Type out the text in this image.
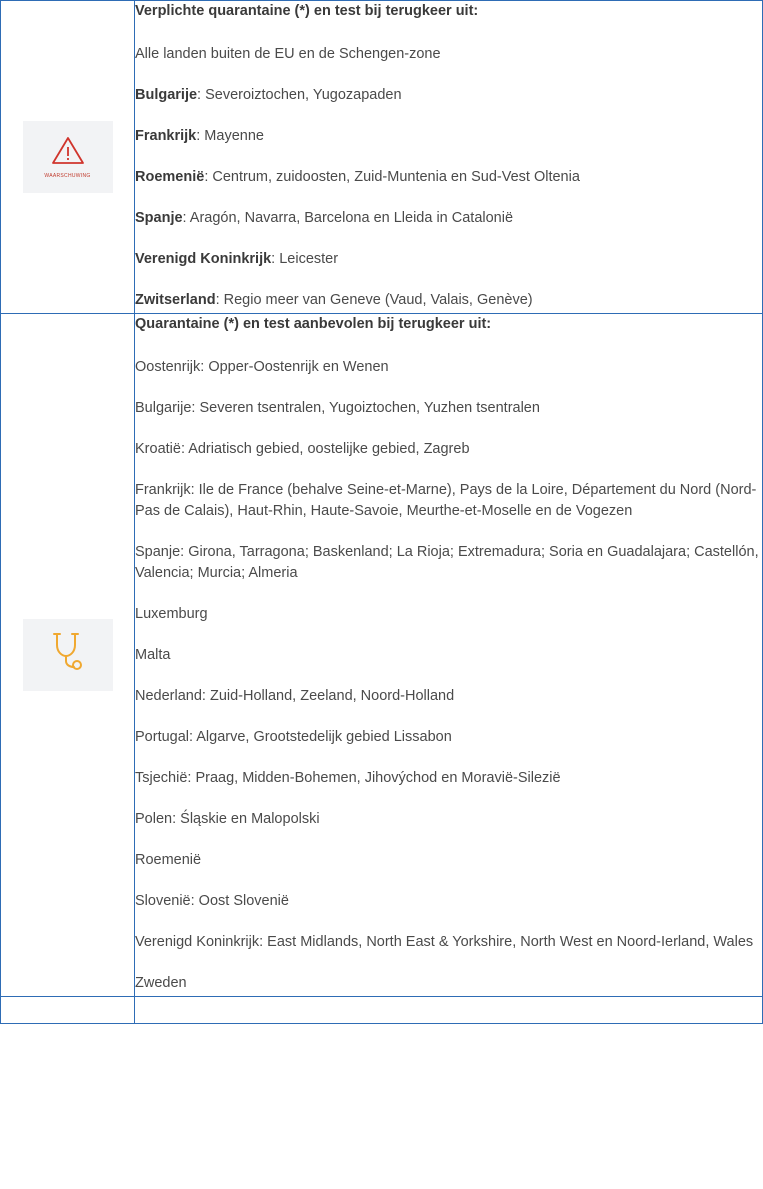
WAARSCHUWING

Verplichte quarantaine (*) en test bij terugkeer uit:

Alle landen buiten de EU en de Schengen-zone

Bulgarije: Severoiztochen, Yugozapaden

Frankrijk: Mayenne

Roemenië: Centrum, zuidoosten, Zuid-Muntenia en Sud-Vest Oltenia

Spanje: Aragón, Navarra, Barcelona en Lleida in Catalonië

Verenigd Koninkrijk: Leicester

Zwitserland: Regio meer van Geneve (Vaud, Valais, Genève)

Quarantaine (*) en test aanbevolen bij terugkeer uit:

Oostenrijk: Opper-Oostenrijk en Wenen

Bulgarije: Severen tsentralen, Yugoiztochen, Yuzhen tsentralen

Kroatië: Adriatisch gebied, oostelijke gebied, Zagreb

Frankrijk: Ile de France (behalve Seine-et-Marne), Pays de la Loire, Département du Nord (Nord-Pas de Calais), Haut-Rhin, Haute-Savoie, Meurthe-et-Moselle en de Vogezen

Spanje: Girona, Tarragona; Baskenland; La Rioja; Extremadura; Soria en Guadalajara; Castellón, Valencia; Murcia; Almeria

Luxemburg

Malta

Nederland: Zuid-Holland, Zeeland, Noord-Holland

Portugal: Algarve, Grootstedelijk gebied Lissabon

Tsjechië: Praag, Midden-Bohemen, Jihovýchod en Moravië-Silezië

Polen: Śląskie en Malopolski

Roemenië

Slovenië: Oost Slovenië

Verenigd Koninkrijk: East Midlands, North East & Yorkshire, North West en Noord-Ierland, Wales

Zweden
